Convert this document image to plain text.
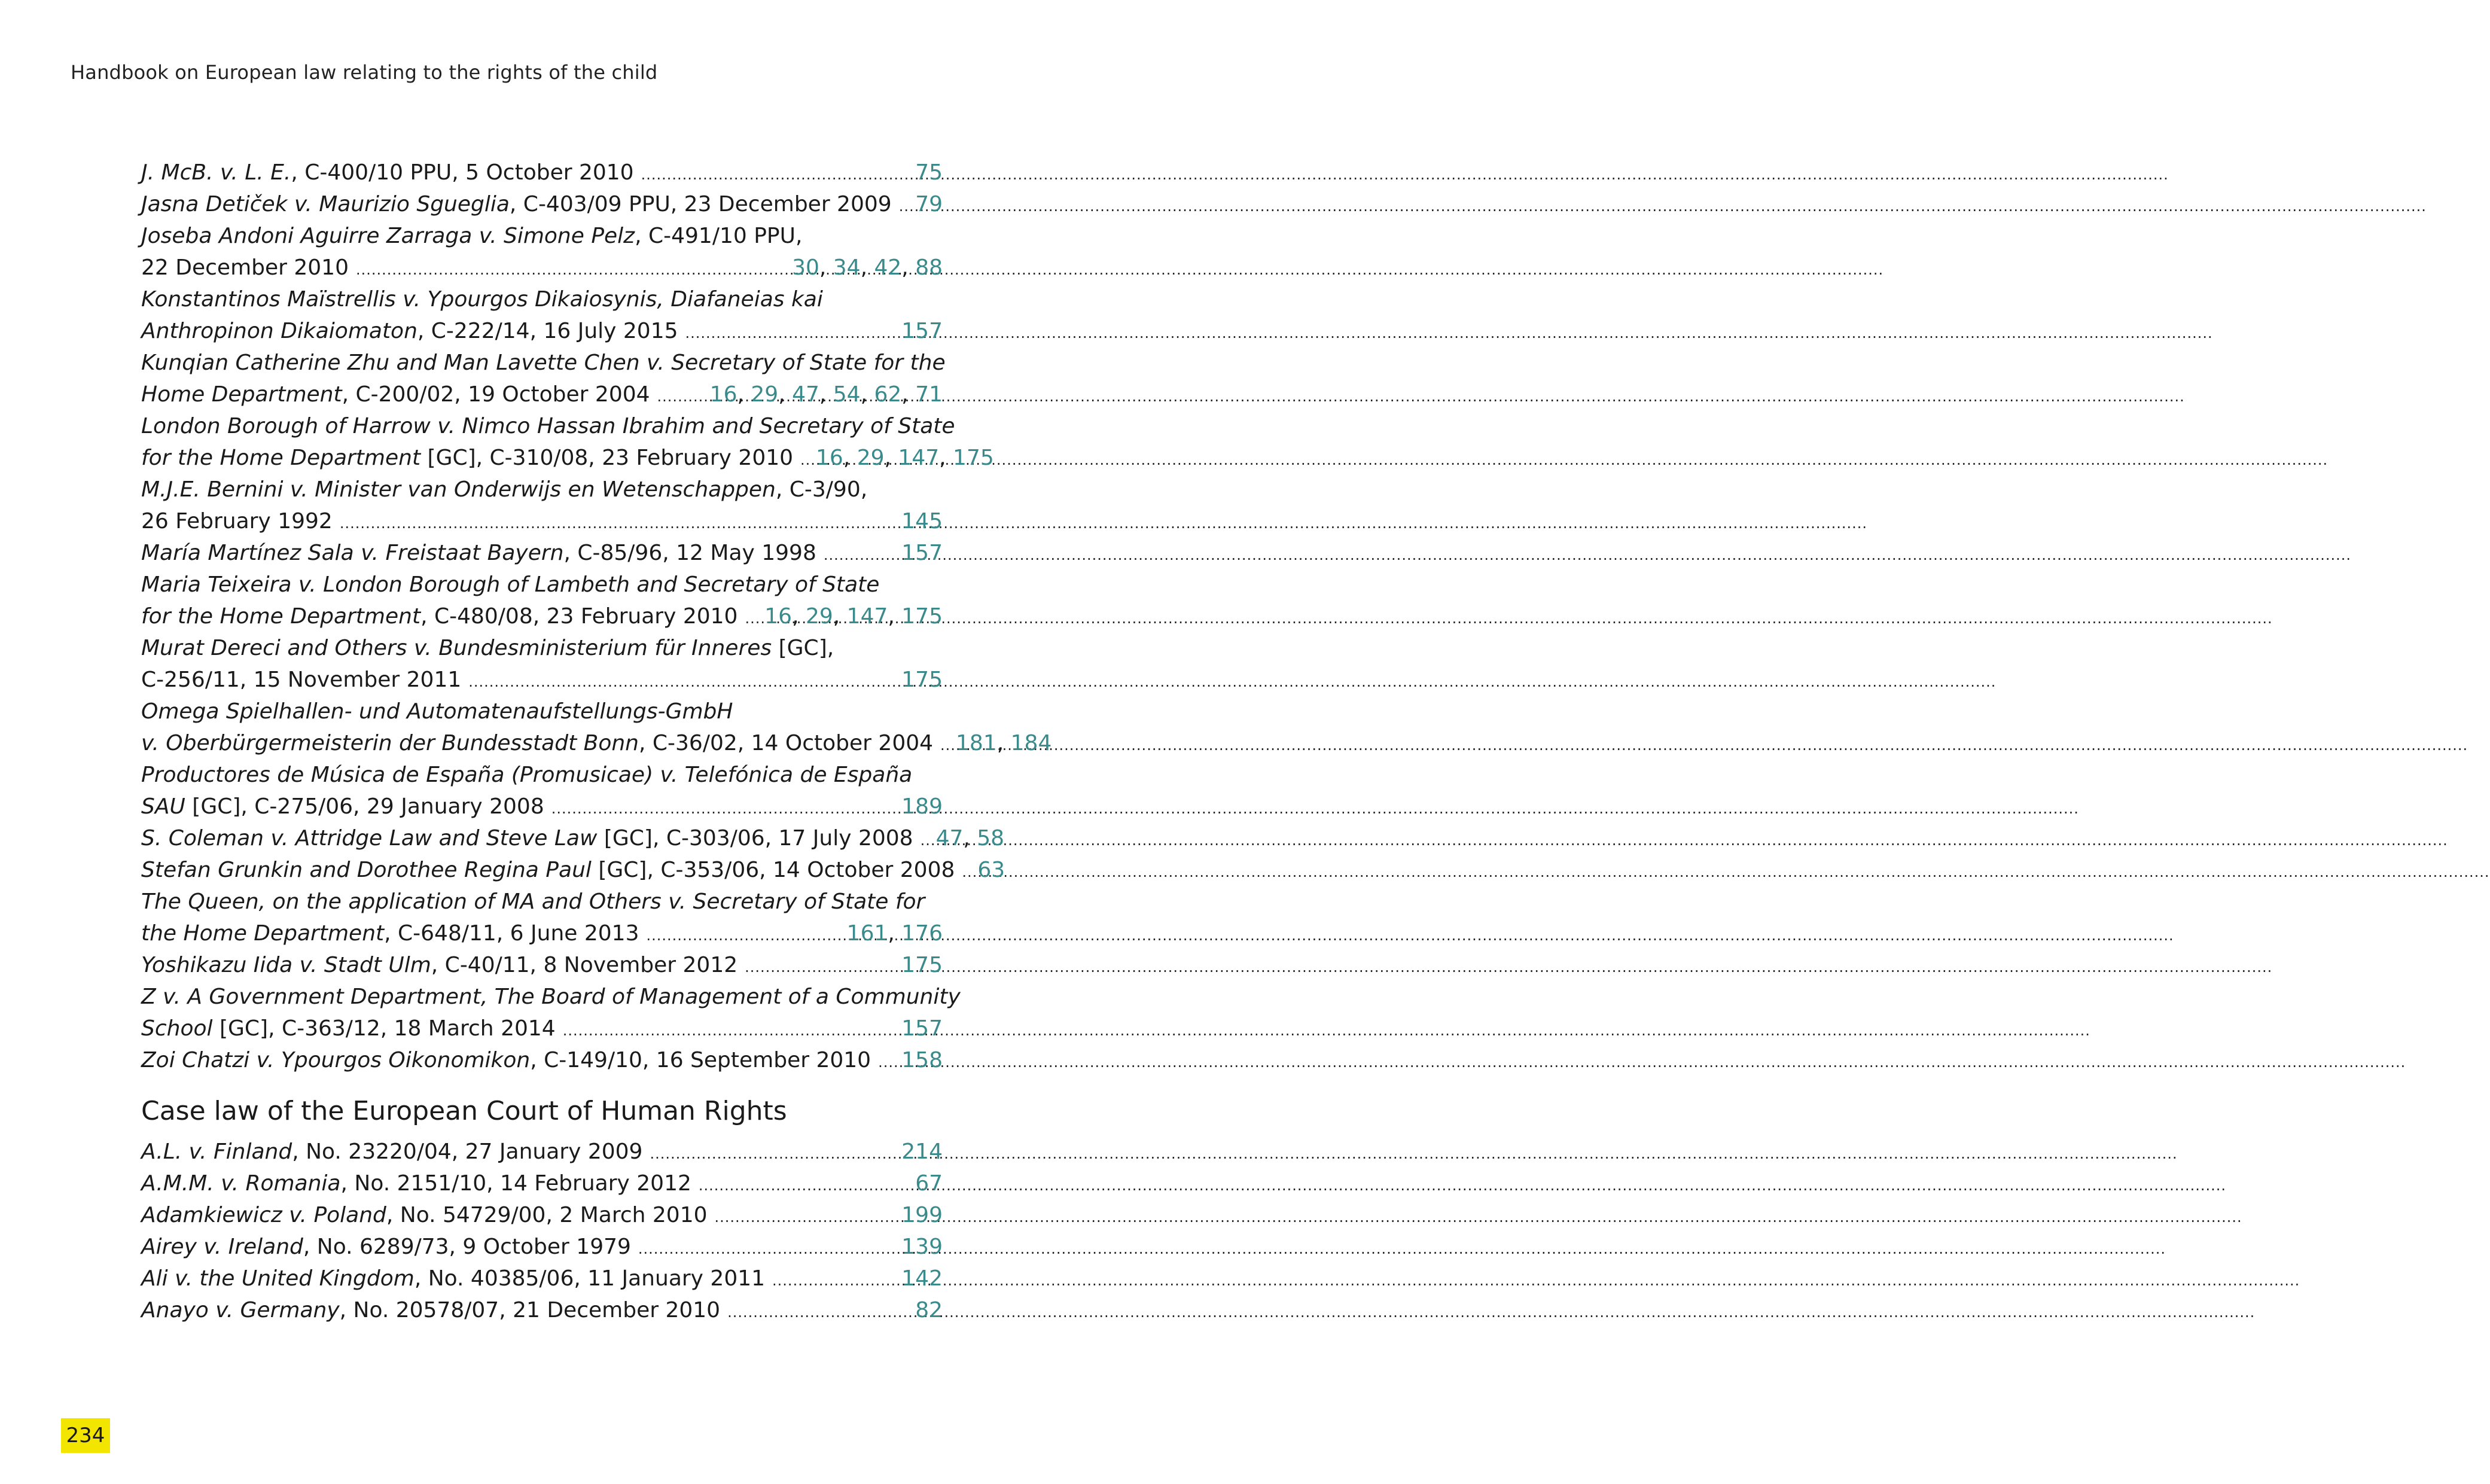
Handbook on European law relating to the rights of the child
J. McB. v. L. E., C-400/10 PPU, 5 October 2010 .....	75
Jasna Detiček v. Maurizio Sgueglia, C-403/09 PPU, 23 December 2009 ..... 79
Joseba Andoni Aguirre Zarraga v. Simone Pelz, C-491/10 PPU,
22 December 2010 .....	30, 34, 42, 88
Konstantinos Maïstrellis v. Ypourgos Dikaiosynis, Diafaneias kai
Anthropinon Dikaiomaton, C-222/14, 16 July 2015 .....	157
Kunqian Catherine Zhu and Man Lavette Chen v. Secretary of State for the
Home Department, C-200/02, 19 October 2004 .....	16, 29, 47, 54, 62, 71
London Borough of Harrow v. Nimco Hassan Ibrahim and Secretary of State
for the Home Department [GC], C-310/08, 23 February 2010 ..... 16, 29, 147, 175
M.J.E. Bernini v. Minister van Onderwijs en Wetenschappen, C-3/90,
26 February 1992 .....	145
María Martínez Sala v. Freistaat Bayern, C-85/96, 12 May 1998 .....	157
Maria Teixeira v. London Borough of Lambeth and Secretary of State
for the Home Department, C-480/08, 23 February 2010 ..... 16, 29, 147, 175
Murat Dereci and Others v. Bundesministerium für Inneres [GC],
C-256/11, 15 November 2011 .....	175
Omega Spielhallen- und Automatenaufstellungs-GmbH
v. Oberbürgermeisterin der Bundesstadt Bonn, C-36/02, 14 October 2004 ..... 181, 184
Productores de Música de España (Promusicae) v. Telefónica de España
SAU [GC], C-275/06, 29 January 2008 .....	189
S. Coleman v. Attridge Law and Steve Law [GC], C-303/06, 17 July 2008 ..... 47, 58
Stefan Grunkin and Dorothee Regina Paul [GC], C-353/06, 14 October 2008 ..... 63
The Queen, on the application of MA and Others v. Secretary of State for
the Home Department, C-648/11, 6 June 2013 .....	161, 176
Yoshikazu Iida v. Stadt Ulm, C-40/11, 8 November 2012 .....	175
Z v. A Government Department, The Board of Management of a Community
School [GC], C-363/12, 18 March 2014 .....	157
Zoi Chatzi v. Ypourgos Oikonomikon, C-149/10, 16 September 2010 ..... 158
Case law of the European Court of Human Rights
A.L. v. Finland, No. 23220/04, 27 January 2009 .....	214
A.M.M. v. Romania, No. 2151/10, 14 February 2012 .....	67
Adamkiewicz v. Poland, No. 54729/00, 2 March 2010 .....	199
Airey v. Ireland, No. 6289/73, 9 October 1979 .....	139
Ali v. the United Kingdom, No. 40385/06, 11 January 2011 .....	142
Anayo v. Germany, No. 20578/07, 21 December 2010 .....	82
234
